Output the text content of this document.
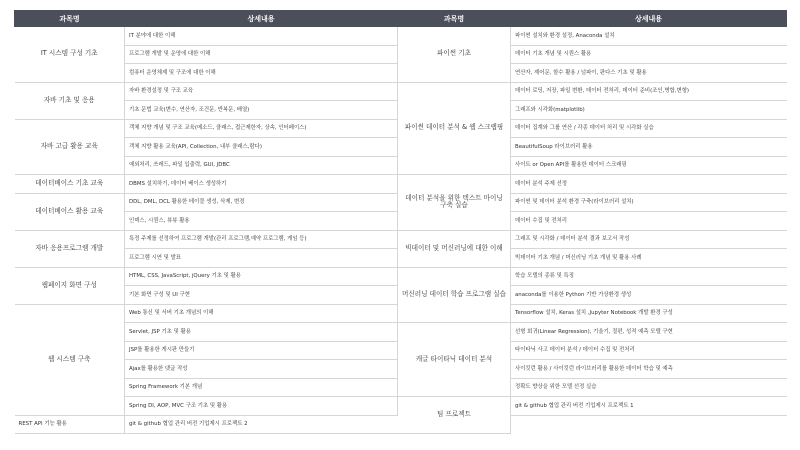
과목명	상세내용	과목명	상세내용

IT 시스템 구성 기초	IT 분야에 대한 이해	파이썬 기초	파이썬 설치와 환경 설정, Anaconda 설치
	프로그램 개발 및 운영에 대한 이해		데이터 기초 개념 및 시퀀스 활용
	컴퓨터 운영체제 및 구조에 대한 이해		연산자, 제어문, 함수 활용 / 넘파이, 판다스 기초 및 활용

자바 기초 및 응용	자바 환경설정 및 구조 교육	파이썬 데이터 분석 & 웹 스크랩핑	데이터 로딩, 저장, 파일 변환, 데이터 전처리, 데이터 준비(조인,병합,변형)
	기초 문법 교육(변수, 연산자, 조건문, 반복문, 배열)		그래프와 시각화(matplotlib)

자바 고급 활용 교육	객체 지향 개념 및 구조 교육(메소드, 클래스, 접근제한자, 상속, 인터페이스)		데이터 집계와 그룹 연산 / 각종 데이터 처리 및 시각화 실습
	객체 지향 활용 교육(API, Collection, 내부 클래스,람다)		BeautifulSoup 라이브러리 활용
	예외처리, 쓰레드, 파일 입출력, GUI, JDBC		사이트 or Open API를 활용한 데이터 스크래핑

데이터베이스 기초 교육	DBMS 설치하기, 데이터 베이스 생성하기	데이터 분석을 위한 텍스트 마이닝 구축 실습	데이터 분석 주제 선정

데이터베이스 활용 교육	DDL, DML, DCL 활용한 테이블 생성, 삭제, 변경		파이썬 및 데이터 분석 환경 구축(라이브러리 설치)
	인덱스, 시퀀스, 뷰뷰 활용		데이터 수집 및 전처리

자바 응용프로그램 개발	특정 주제를 선정하여 프로그램 개발(관리 프로그램,예약 프로그램, 게임 등)	빅데이터 및 머신러닝에 대한 이해	그래프 및 시각화 / 데이터 분석 결과 보고서 작성
	프로그램 시연 및 발표		빅데이터 기초 개념 / 머신러닝 기초 개념 및 활용 사례

웹페이지 화면 구성	HTML, CSS, JavaScript, jQuery 기초 및 활용	머신러닝 데이터 학습 프로그램 실습	학습 모델의 종류 및 특징
	기본 화면 구성 및 UI 구현		anaconda를 이용한 Python 기반 가상환경 생성

웹 시스템 구축	Web 통신 및 서버 기초 개념의 이해		Tensorflow 설치, Keras 설치 ,Jupyter Notebook 개발 환경 구성
	Servlet, JSP 기초 및 활용	캐글 타이타닉 데이터 분석	선형 회귀(Linear Regression), 기울기, 절편, 성적 예측 모델 구현
	JSP를 활용한 게시판 만들기		타이타닉 사고 데이터 분석 / 데이터 수집 및 전처리
	Ajax를 활용한 댓글 작성		사이킷런 활용 / 사이킷런 라이브러리를 활용한 데이터 학습 및 예측
	Spring Framework 기본 개념		정확도 향상을 위한 모델 선정 실습
	Spring DI, AOP, MVC 구조 기초 및 활용	팀 프로젝트	git & github 협업 관리 버전 기업제시 프로젝트 1
REST API 기능 활용	git & github 협업 관리 버전 기업제시 프로젝트 2		
